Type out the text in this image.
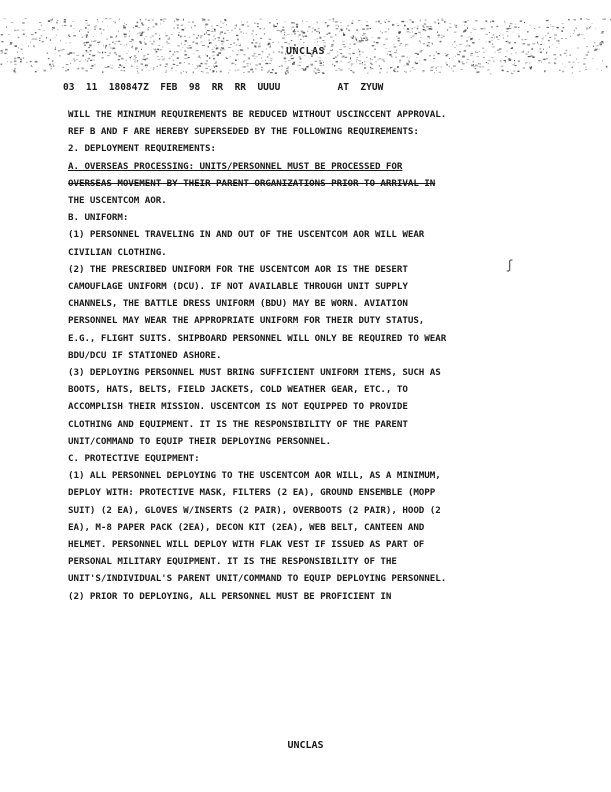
UNCLAS
03  11  180847Z  FEB  98  RR  RR  UUUU          AT  ZYUW
WILL THE MINIMUM REQUIREMENTS BE REDUCED WITHOUT USCINCCENT APPROVAL.
REF B AND F ARE HEREBY SUPERSEDED BY THE FOLLOWING REQUIREMENTS:
2. DEPLOYMENT REQUIREMENTS:
A. OVERSEAS PROCESSING: UNITS/PERSONNEL MUST BE PROCESSED FOR
OVERSEAS MOVEMENT BY THEIR PARENT ORGANIZATIONS PRIOR TO ARRIVAL IN
THE USCENTCOM AOR.
B. UNIFORM:
(1) PERSONNEL TRAVELING IN AND OUT OF THE USCENTCOM AOR WILL WEAR
CIVILIAN CLOTHING.
(2) THE PRESCRIBED UNIFORM FOR THE USCENTCOM AOR IS THE DESERT
CAMOUFLAGE UNIFORM (DCU). IF NOT AVAILABLE THROUGH UNIT SUPPLY
CHANNELS, THE BATTLE DRESS UNIFORM (BDU) MAY BE WORN. AVIATION
PERSONNEL MAY WEAR THE APPROPRIATE UNIFORM FOR THEIR DUTY STATUS,
E.G., FLIGHT SUITS. SHIPBOARD PERSONNEL WILL ONLY BE REQUIRED TO WEAR
BDU/DCU IF STATIONED ASHORE.
(3) DEPLOYING PERSONNEL MUST BRING SUFFICIENT UNIFORM ITEMS, SUCH AS
BOOTS, HATS, BELTS, FIELD JACKETS, COLD WEATHER GEAR, ETC., TO
ACCOMPLISH THEIR MISSION. USCENTCOM IS NOT EQUIPPED TO PROVIDE
CLOTHING AND EQUIPMENT. IT IS THE RESPONSIBILITY OF THE PARENT
UNIT/COMMAND TO EQUIP THEIR DEPLOYING PERSONNEL.
C. PROTECTIVE EQUIPMENT:
(1) ALL PERSONNEL DEPLOYING TO THE USCENTCOM AOR WILL, AS A MINIMUM,
DEPLOY WITH: PROTECTIVE MASK, FILTERS (2 EA), GROUND ENSEMBLE (MOPP
SUIT) (2 EA), GLOVES W/INSERTS (2 PAIR), OVERBOOTS (2 PAIR), HOOD (2
EA), M-8 PAPER PACK (2EA), DECON KIT (2EA), WEB BELT, CANTEEN AND
HELMET. PERSONNEL WILL DEPLOY WITH FLAK VEST IF ISSUED AS PART OF
PERSONAL MILITARY EQUIPMENT. IT IS THE RESPONSIBILITY OF THE
UNIT'S/INDIVIDUAL'S PARENT UNIT/COMMAND TO EQUIP DEPLOYING PERSONNEL.
(2) PRIOR TO DEPLOYING, ALL PERSONNEL MUST BE PROFICIENT IN
ʃ
UNCLAS
